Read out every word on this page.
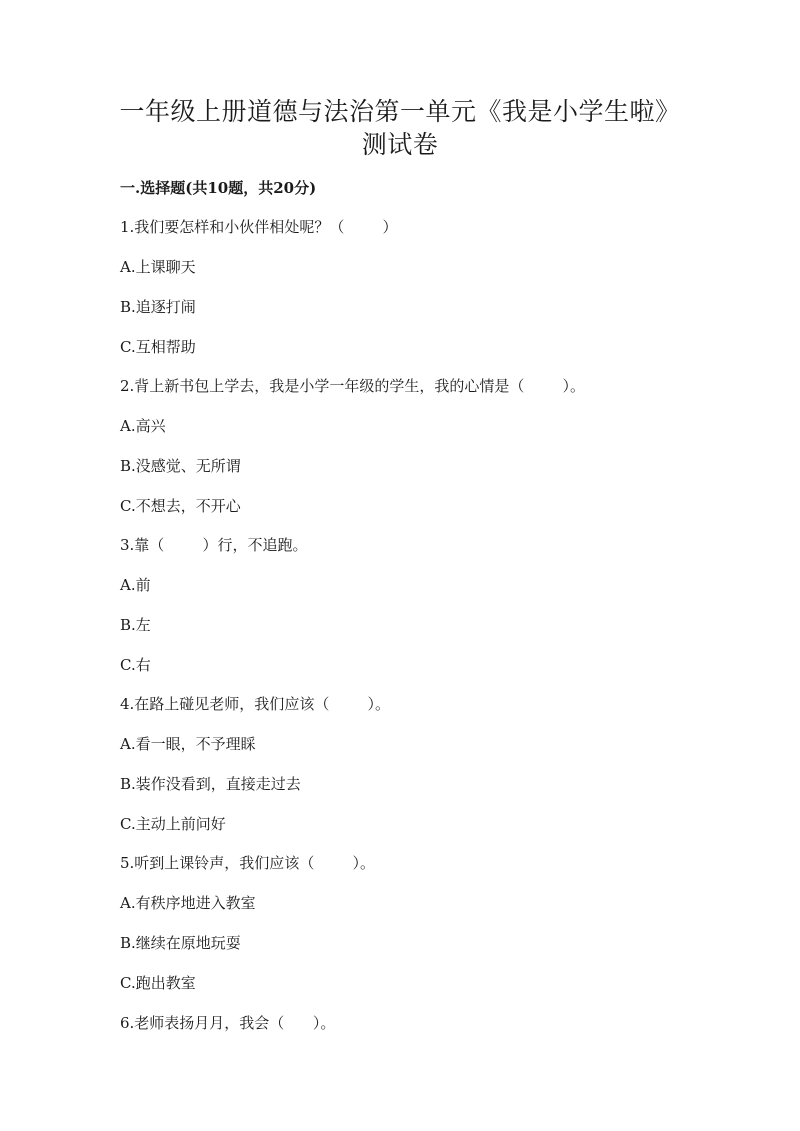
一年级上册道德与法治第一单元《我是小学生啦》
测试卷
一.选择题(共10题，共20分)
1.我们要怎样和小伙伴相处呢？（        ）
A.上课聊天
B.追逐打闹
C.互相帮助
2.背上新书包上学去，我是小学一年级的学生，我的心情是（        ）。
A.高兴
B.没感觉、无所谓
C.不想去，不开心
3.靠（        ）行，不追跑。
A.前
B.左
C.右
4.在路上碰见老师，我们应该（        ）。
A.看一眼，不予理睬
B.装作没看到，直接走过去
C.主动上前问好
5.听到上课铃声，我们应该（        ）。
A.有秩序地进入教室
B.继续在原地玩耍
C.跑出教室
6.老师表扬月月，我会（      ）。
